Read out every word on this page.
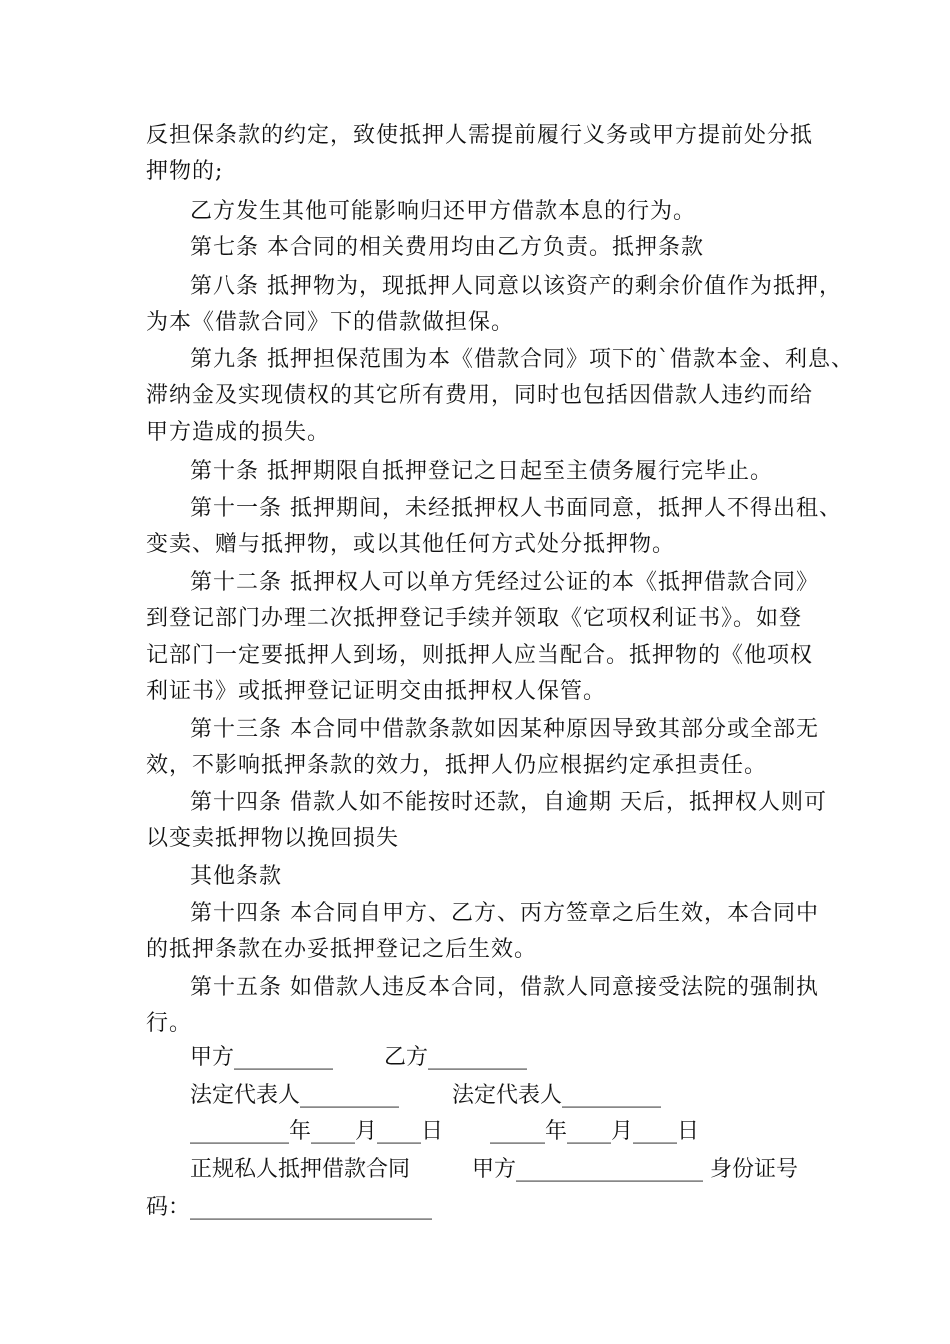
反担保条款的约定，致使抵押人需提前履行义务或甲方提前处分抵
押物的;
乙方发生其他可能影响归还甲方借款本息的行为。
第七条 本合同的相关费用均由乙方负责。抵押条款
第八条 抵押物为，现抵押人同意以该资产的剩余价值作为抵押，
为本《借款合同》下的借款做担保。
第九条 抵押担保范围为本《借款合同》项下的`借款本金、利息、
滞纳金及实现债权的其它所有费用，同时也包括因借款人违约而给
甲方造成的损失。
第十条 抵押期限自抵押登记之日起至主债务履行完毕止。
第十一条 抵押期间，未经抵押权人书面同意，抵押人不得出租、
变卖、赠与抵押物，或以其他任何方式处分抵押物。
第十二条 抵押权人可以单方凭经过公证的本《抵押借款合同》
到登记部门办理二次抵押登记手续并领取《它项权利证书》。如登
记部门一定要抵押人到场，则抵押人应当配合。抵押物的《他项权
利证书》或抵押登记证明交由抵押权人保管。
第十三条 本合同中借款条款如因某种原因导致其部分或全部无
效，不影响抵押条款的效力，抵押人仍应根据约定承担责任。
第十四条 借款人如不能按时还款，自逾期 天后，抵押权人则可
以变卖抵押物以挽回损失
其他条款
第十四条 本合同自甲方、乙方、丙方签章之后生效，本合同中
的抵押条款在办妥抵押登记之后生效。
第十五条 如借款人违反本合同，借款人同意接受法院的强制执
行。
甲方_________ 乙方_________
法定代表人_________ 法定代表人_________
_________年____月____日 _____年____月____日
正规私人抵押借款合同	甲方_________________ 身份证号
码：______________________
